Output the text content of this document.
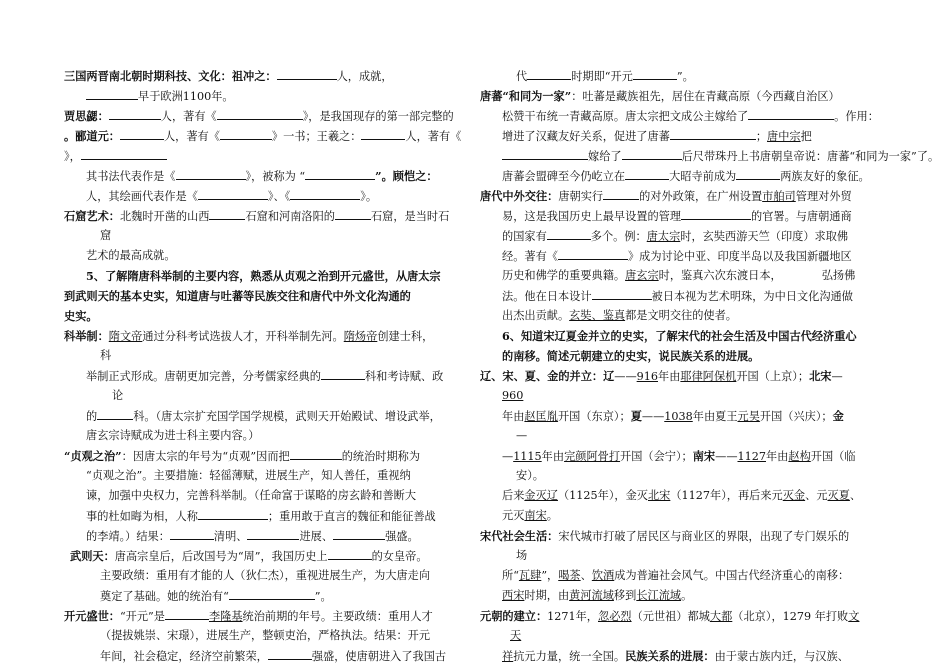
三国两晋南北朝时期科技、文化：祖冲之：	人，成就，
早于欧洲1100年。
贾思勰：	人，著有《	》，是我国现存的第一部完整的
。郦道元：	人，著有《	》一书；王羲之：	人，著有《
》，
其书法代表作是《	》，被称为 “	”。顾恺之：
人，其绘画代表作是《	》、《	》。
石窟艺术：北魏时开凿的山西	石窟和河南洛阳的	石窟，是当时石
窟
艺术的最高成就。
5、了解隋唐科举制的主要内容，熟悉从贞观之治到开元盛世，从唐太宗
到武则天的基本史实，知道唐与吐蕃等民族交往和唐代中外文化沟通的
史实。
科举制：隋文帝通过分科考试选拔人才，开科举制先河。隋炀帝创建士科，
科
举制正式形成。唐朝更加完善，分考儒家经典的	科和考诗赋、政
论
的	科。（唐太宗扩充国学国学规模，武则天开始殿试、增设武举，
唐玄宗诗赋成为进士科主要内容。）
“贞观之治”：因唐太宗的年号为“贞观”因而把	的统治时期称为
“贞观之治”。主要措施：轻徭薄赋，进展生产，知人善任，重视纳
谏，加强中央权力，完善科举制。（任命富于谋略的房玄龄和善断大
事的杜如晦为相，人称	；重用敢于直言的魏征和能征善战
的李靖。）结果：	清明、	进展、	强盛。
武则天：唐高宗皇后，后改国号为“周”，我国历史上	的女皇帝。
主要政绩：重用有才能的人（狄仁杰），重视进展生产，为大唐走向
奠定了基础。她的统治有“	”。
开元盛世：“开元”是	李隆基统治前期的年号。主要政绩：重用人才
（提拔姚崇、宋璟），进展生产，整顿吏治，严格执法。结果：开元
年间，社会稳定，经济空前繁荣，	强盛，使唐朝进入了我国古
代	时期即“开元	”。
唐蕃“和同为一家”：吐蕃是藏族祖先，居住在青藏高原（今西藏自治区）
松赞干布统一青藏高原。唐太宗把文成公主嫁给了	。作用：
增进了汉藏友好关系，促进了唐蕃	；唐中宗把
嫁给了	后尺带珠丹上书唐朝皇帝说：唐蕃“和同为一家”了。
唐蕃会盟碑至今仍屹立在	大昭寺前成为	两族友好的象征。
唐代中外交往：唐朝实行	的对外政策，在广州设置市舶司管理对外贸
易，这是我国历史上最早设置的管理	的官署。与唐朝通商
的国家有	多个。例：唐太宗时，玄奘西游天竺（印度）求取佛
经。著有《	》成为讨论中亚、印度半岛以及我国新疆地区
历史和佛学的重要典籍。唐玄宗时，鉴真六次东渡日本，	弘扬佛
法。他在日本设计	被日本视为艺术明珠，为中日文化沟通做
出杰出贡献。玄奘、鉴真都是文明交往的使者。
6、知道宋辽夏金并立的史实，了解宋代的社会生活及中国古代经济重心
的南移。简述元朝建立的史实，说民族关系的进展。
辽、宋、夏、金的并立：辽——916年由耶律阿保机开国（上京）；北宋—
960
年由赵匡胤开国（东京）；夏——1038年由夏王元昊开国（兴庆）；金
—
—1115年由完颜阿骨打开国（会宁）；南宋——1127年由赵构开国（临
安）。
后来金灭辽（1125年），金灭北宋（1127年），再后来元灭金、元灭夏、
元灭南宋。
宋代社会生活：宋代城市打破了居民区与商业区的界限，出现了专门娱乐的
场
所“瓦肆”，喝茶、饮酒成为普遍社会风气。中国古代经济重心的南移：
西宋时期，由黄河流域移到长江流域。
元朝的建立：1271年，忽必烈（元世祖）都城大都（北京），1279 年打败文
天
祥抗元力量，统一全国。民族关系的进展：由于蒙古族内迁，与汉族、
